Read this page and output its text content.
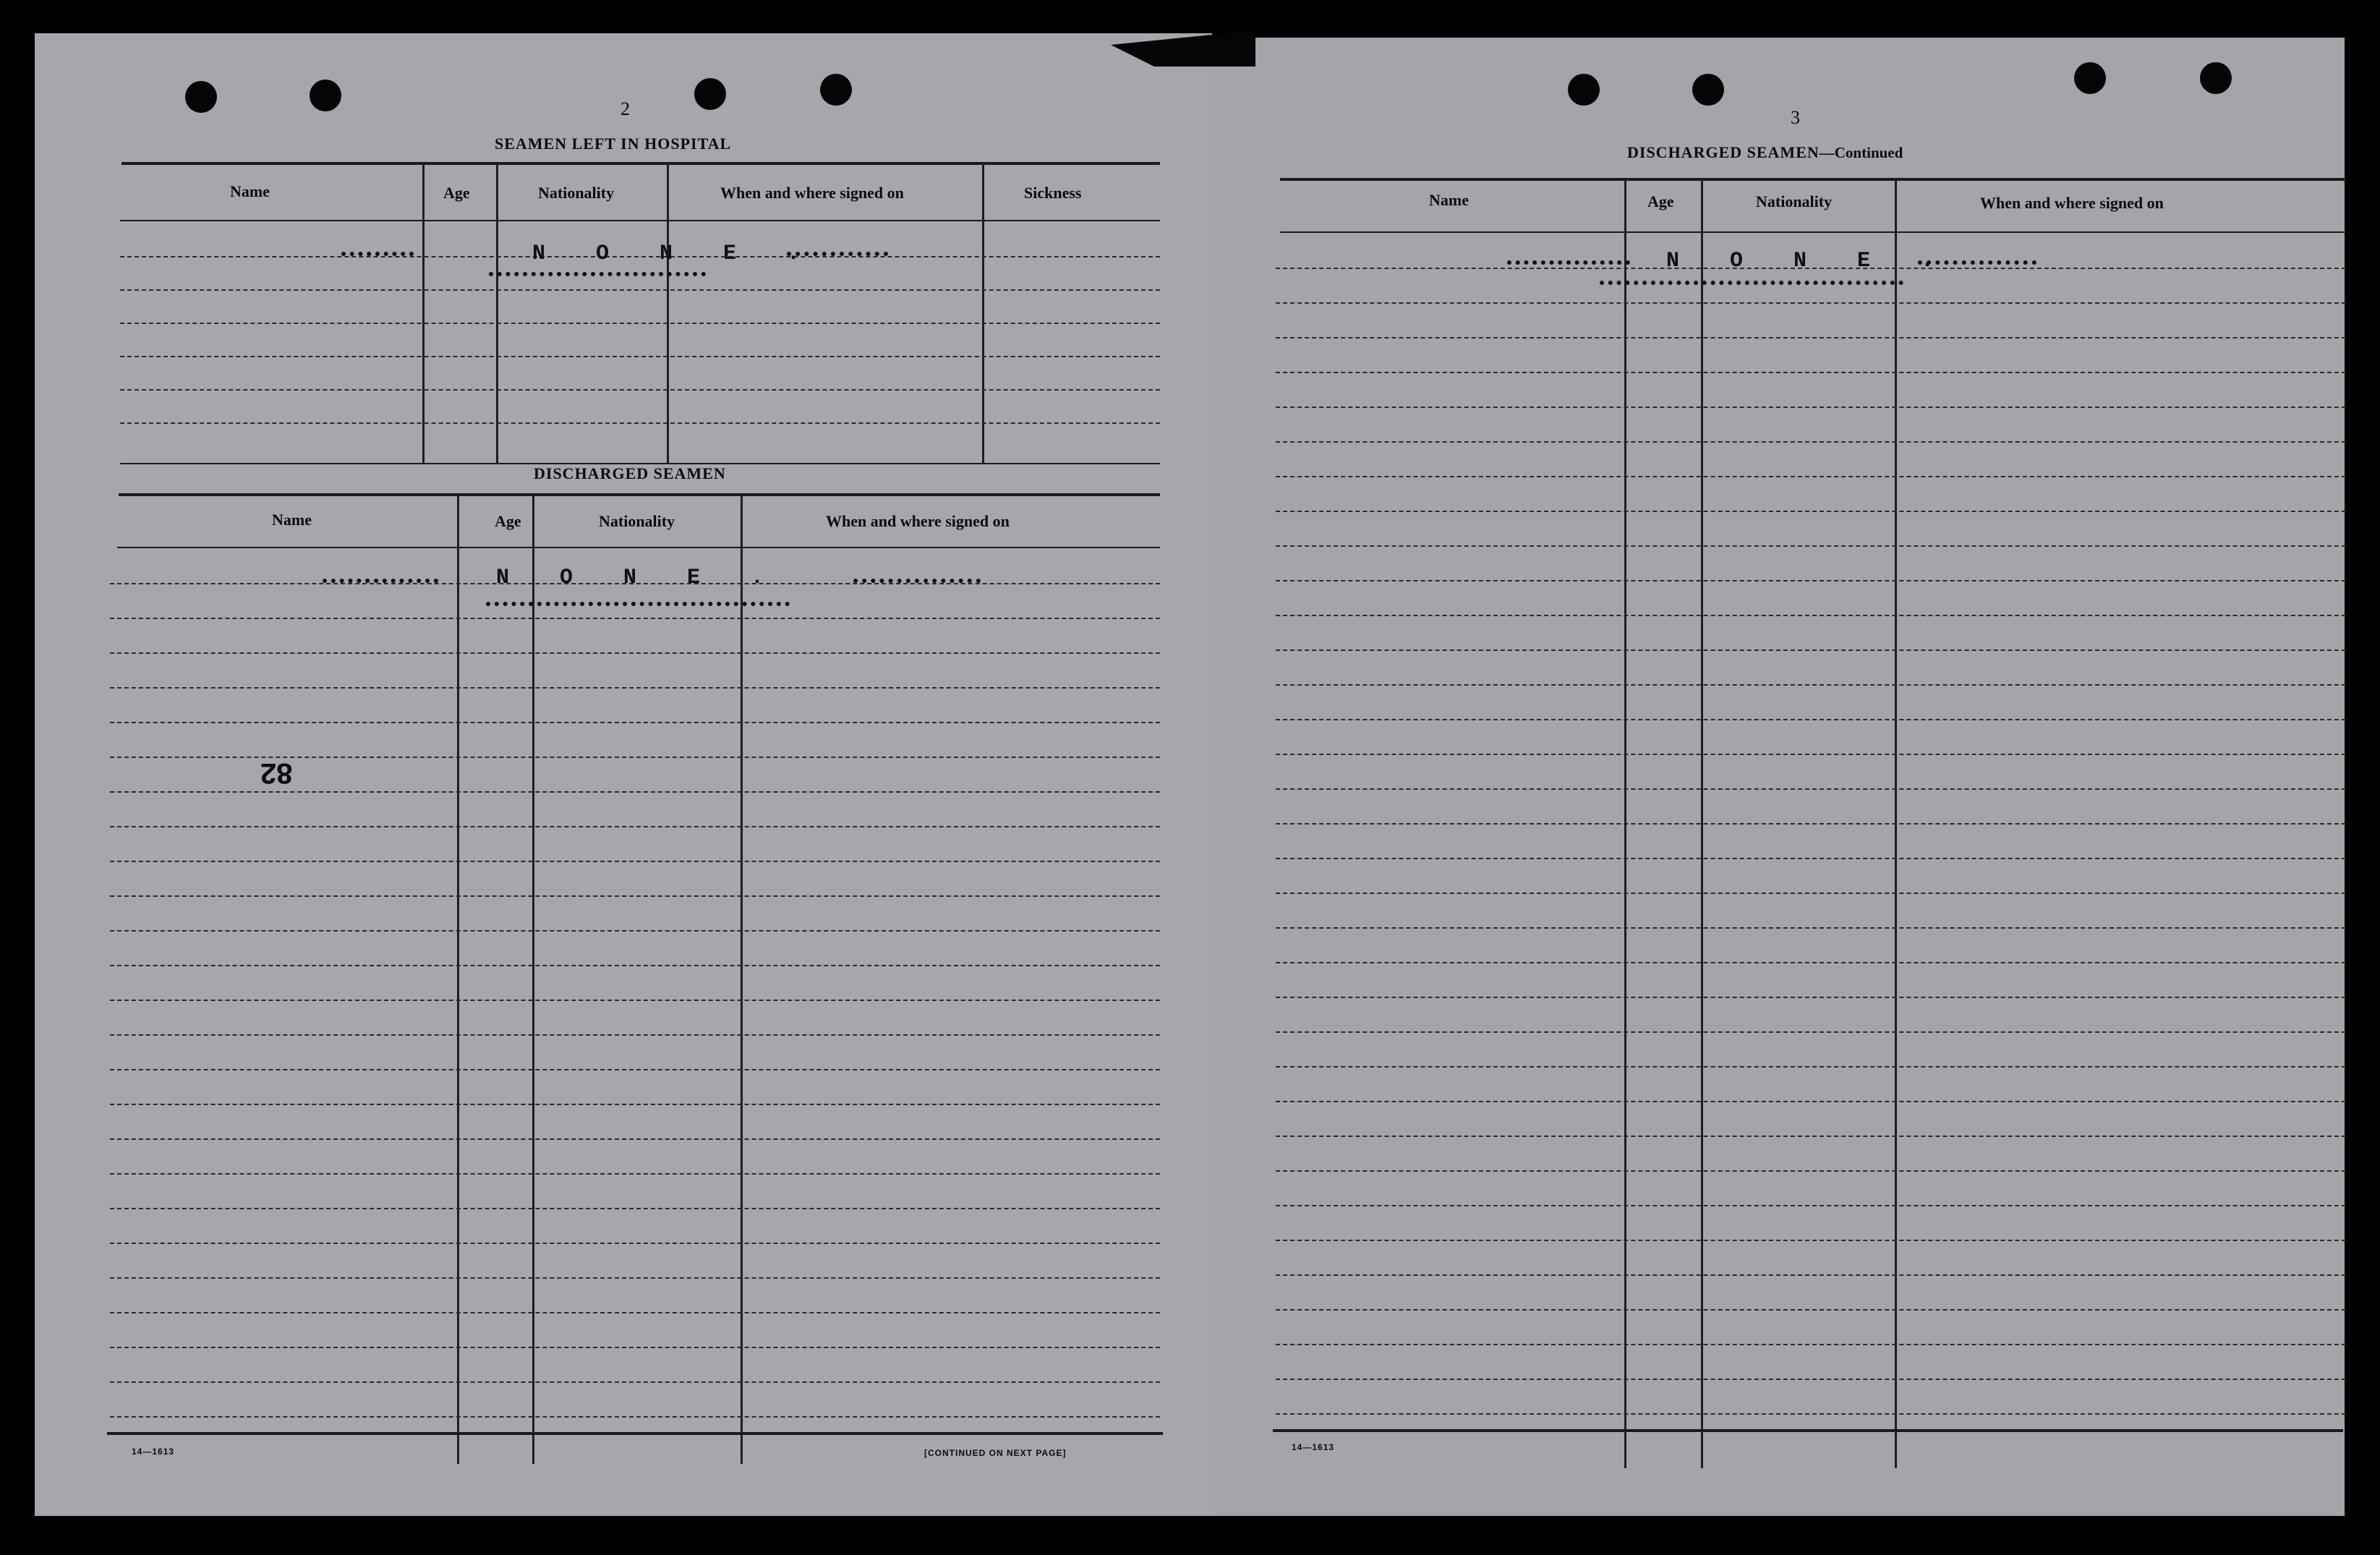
2
SEAMEN LEFT IN HOSPITAL
Name	Age	Nationality	When and where signed on	Sickness
N O N E .
DISCHARGED SEAMEN
Name	Age	Nationality	When and where signed on
N O N E .
82
14—1613	[CONTINUED ON NEXT PAGE]
3
DISCHARGED SEAMEN—Continued
Name	Age	Nationality	When and where signed on
N O N E .
14—1613
